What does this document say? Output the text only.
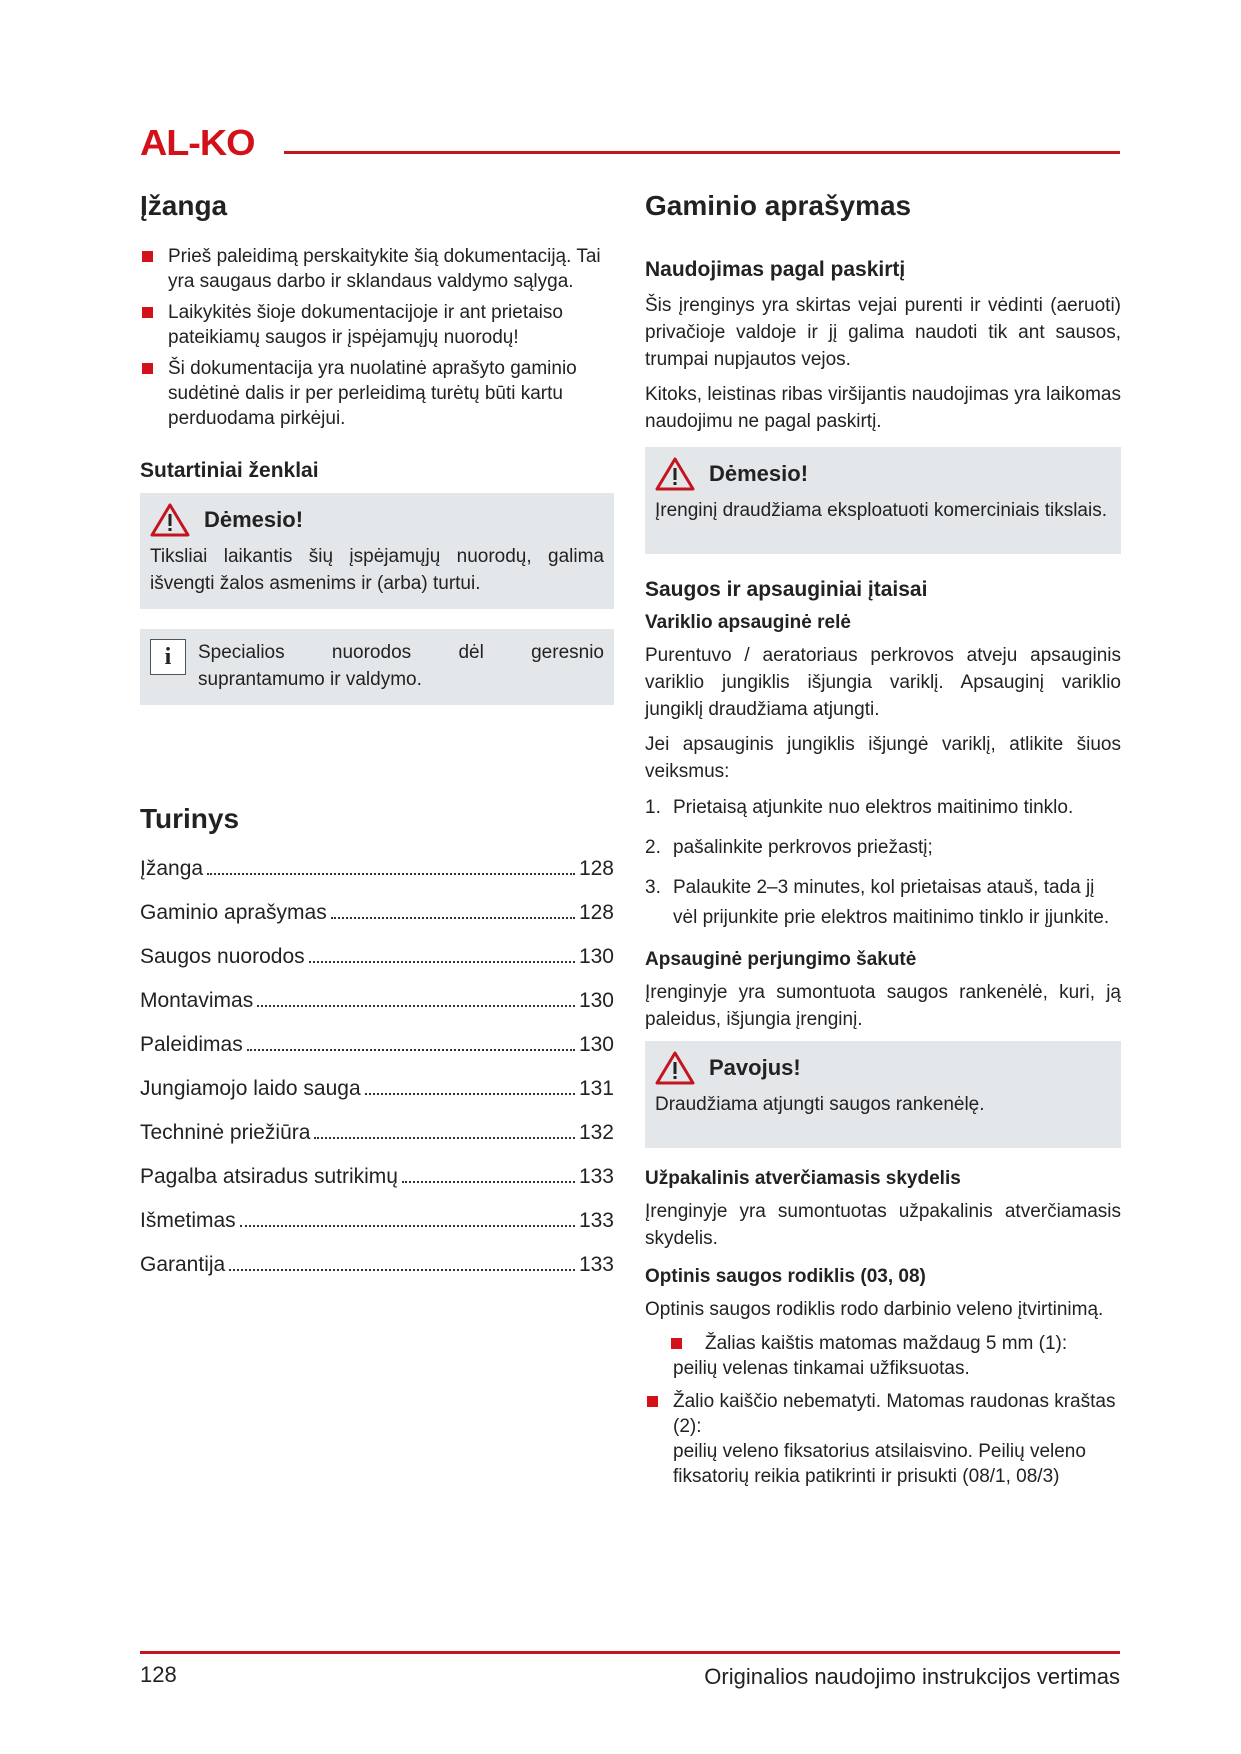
AL-KO
Įžanga
Prieš paleidimą perskaitykite šią dokumentaciją. Tai yra saugaus darbo ir sklandaus valdymo sąlyga.
Laikykitės šioje dokumentacijoje ir ant prietaiso pateikiamų saugos ir įspėjamųjų nuorodų!
Ši dokumentacija yra nuolatinė aprašyto gaminio sudėtinė dalis ir per perleidimą turėtų būti kartu perduodama pirkėjui.
Sutartiniai ženklai
Dėmesio!

Tiksliai laikantis šių įspėjamųjų nuorodų, galima išvengti žalos asmenims ir (arba) turtui.

i	Specialios nuorodos dėl geresnio suprantamumo ir valdymo.

Turinys
Įžanga	128
Gaminio aprašymas	128
Saugos nuorodos	130
Montavimas	130
Paleidimas	130
Jungiamojo laido sauga	131
Techninė priežiūra	132
Pagalba atsiradus sutrikimų	133
Išmetimas	133
Garantija	133
Gaminio aprašymas
Naudojimas pagal paskirtį

Šis įrenginys yra skirtas vejai purenti ir vėdinti (aeruoti) privačioje valdoje ir jį galima naudoti tik ant sausos, trumpai nupjautos vejos.

Kitoks, leistinas ribas viršijantis naudojimas yra laikomas naudojimu ne pagal paskirtį.

Dėmesio!

Įrenginį draudžiama eksploatuoti komerciniais tikslais.

Saugos ir apsauginiai įtaisai
Variklio apsauginė relė

Purentuvo / aeratoriaus perkrovos atveju apsauginis variklio jungiklis išjungia variklį. Apsauginį variklio jungiklį draudžiama atjungti.

Jei apsauginis jungiklis išjungė variklį, atlikite šiuos veiksmus:

1. Prietaisą atjunkite nuo elektros maitinimo tinklo.
2. pašalinkite perkrovos priežastį;
3. Palaukite 2–3 minutes, kol prietaisas atauš, tada jį vėl prijunkite prie elektros maitinimo tinklo ir įjunkite.
Apsauginė perjungimo šakutė

Įrenginyje yra sumontuota saugos rankenėlė, kuri, ją paleidus, išjungia įrenginį.

Pavojus!

Draudžiama atjungti saugos rankenėlę.

Užpakalinis atverčiamasis skydelis

Įrenginyje yra sumontuotas užpakalinis atverčiamasis skydelis.

Optinis saugos rodiklis (03, 08)

Optinis saugos rodiklis rodo darbinio veleno įtvirtinimą.

Žalias kaištis matomas maždaug 5 mm (1):
peilių velenas tinkamai užfiksuotas.
Žalio kaiščio nebematyti. Matomas raudonas kraštas (2):
peilių veleno fiksatorius atsilaisvino. Peilių veleno fiksatorių reikia patikrinti ir prisukti (08/1, 08/3)
128	Originalios naudojimo instrukcijos vertimas
